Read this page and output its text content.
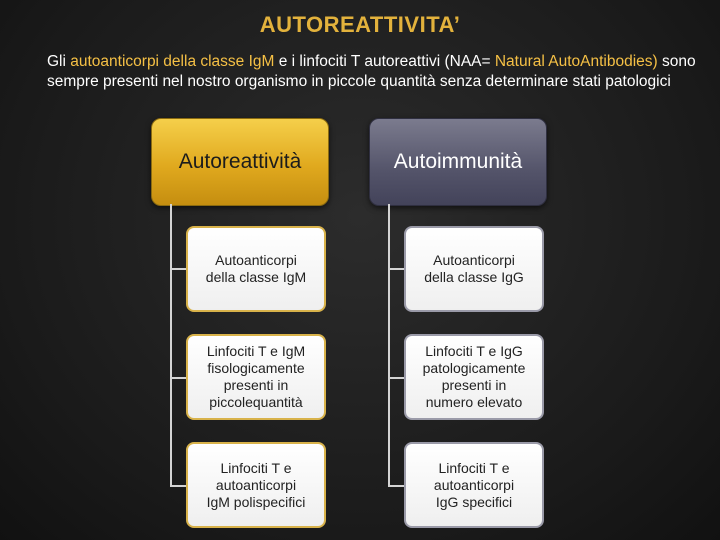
AUTOREATTIVITA’
Gli autoanticorpi della classe IgM e i linfociti T autoreattivi (NAA= Natural AutoAntibodies) sono sempre presenti nel nostro organismo in piccole quantità senza determinare stati patologici
Autoreattività
Autoanticorpi
della classe IgM
Linfociti T e IgM
fisologicamente
presenti in
piccolequantità
Linfociti T e
autoanticorpi
IgM polispecifici
Autoimmunità
Autoanticorpi
della classe IgG
Linfociti T e IgG
patologicamente
presenti in
numero elevato
Linfociti T e
autoanticorpi
IgG specifici
